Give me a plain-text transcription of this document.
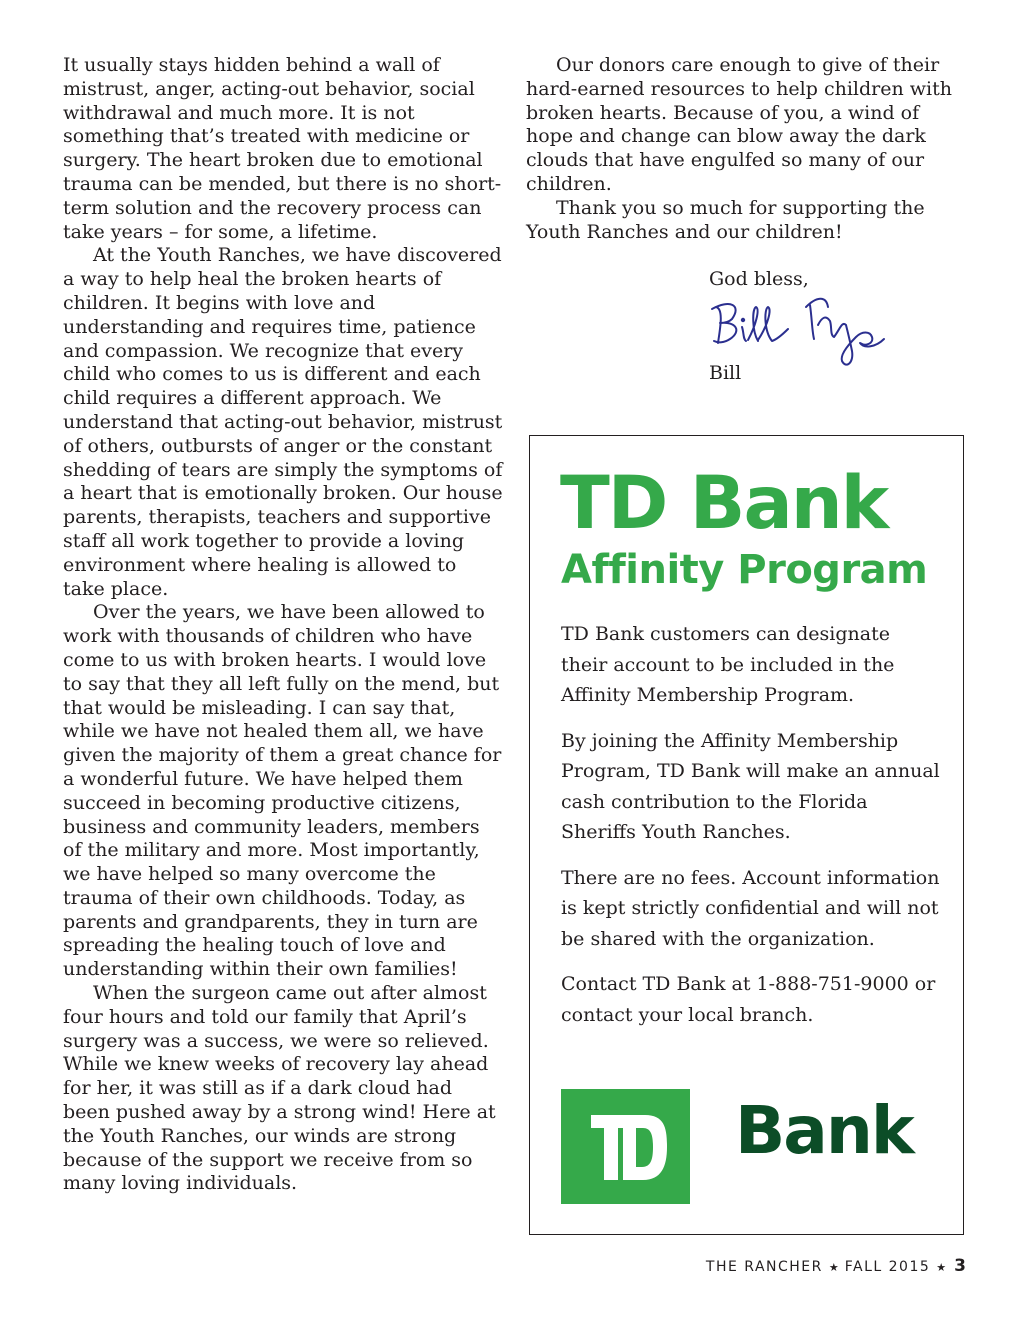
It usually stays hidden behind a wall of mistrust, anger, acting-out behavior, social withdrawal and much more. It is not something that’s treated with medicine or surgery. The heart broken due to emotional trauma can be mended, but there is no short-term solution and the recovery process can take years – for some, a lifetime.

At the Youth Ranches, we have discovered a way to help heal the broken hearts of children. It begins with love and understanding and requires time, patience and compassion. We recognize that every child who comes to us is different and each child requires a different approach. We understand that acting-out behavior, mistrust of others, outbursts of anger or the constant shedding of tears are simply the symptoms of a heart that is emotionally broken. Our house parents, therapists, teachers and supportive staff all work together to provide a loving environment where healing is allowed to take place.

Over the years, we have been allowed to work with thousands of children who have come to us with broken hearts. I would love to say that they all left fully on the mend, but that would be misleading. I can say that, while we have not healed them all, we have given the majority of them a great chance for a wonderful future. We have helped them succeed in becoming productive citizens, business and community leaders, members of the military and more. Most importantly, we have helped so many overcome the trauma of their own childhoods. Today, as parents and grandparents, they in turn are spreading the healing touch of love and understanding within their own families!

When the surgeon came out after almost four hours and told our family that April’s surgery was a success, we were so relieved. While we knew weeks of recovery lay ahead for her, it was still as if a dark cloud had been pushed away by a strong wind! Here at the Youth Ranches, our winds are strong because of the support we receive from so many loving individuals.

Our donors care enough to give of their hard-earned resources to help children with broken hearts. Because of you, a wind of hope and change can blow away the dark clouds that have engulfed so many of our children.

Thank you so much for supporting the Youth Ranches and our children!

God bless,
Bill
TD Bank
Affinity Program

TD Bank customers can designate their account to be included in the Affinity Membership Program.

By joining the Affinity Membership Program, TD Bank will make an annual cash contribution to the Florida Sheriffs Youth Ranches.

There are no fees. Account information is kept strictly confidential and will not be shared with the organization.

Contact TD Bank at 1-888-751-9000 or contact your local branch.

Bank
THE RANCHER ★ FALL 2015 ★ 3
